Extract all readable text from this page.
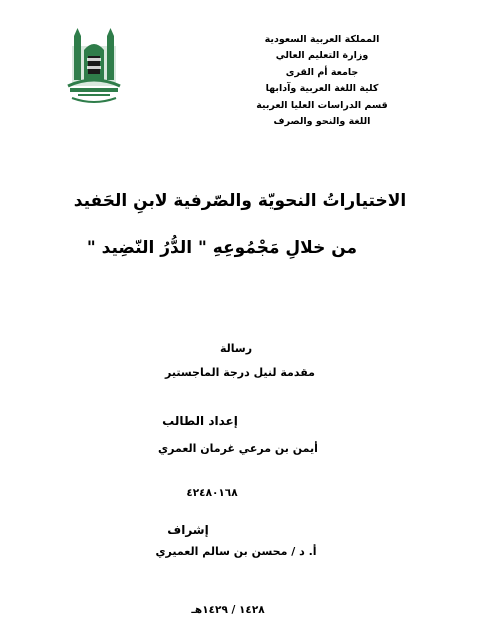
المملكة العربية السعودية
وزارة التعليم العالي
جامعة أم القرى
كلية اللغة العربية وآدابها
قسم الدراسات العليا العربية
اللغة والنحو والصرف
الاختياراتُ النحويّة والصّرفية لابنِ الحَفيد
من خلالِ مَجْمُوعِهِ " الدُّرُ النّضِيد "
رسالة
مقدمة لنيل درجة الماجستير
إعداد الطالب
أيمن بن مرعي غرمان العمري
٤٢٤٨٠١٦٨
إشراف
أ. د / محسن بن سالم العميري
١٤٢٨ / ١٤٢٩هـ
